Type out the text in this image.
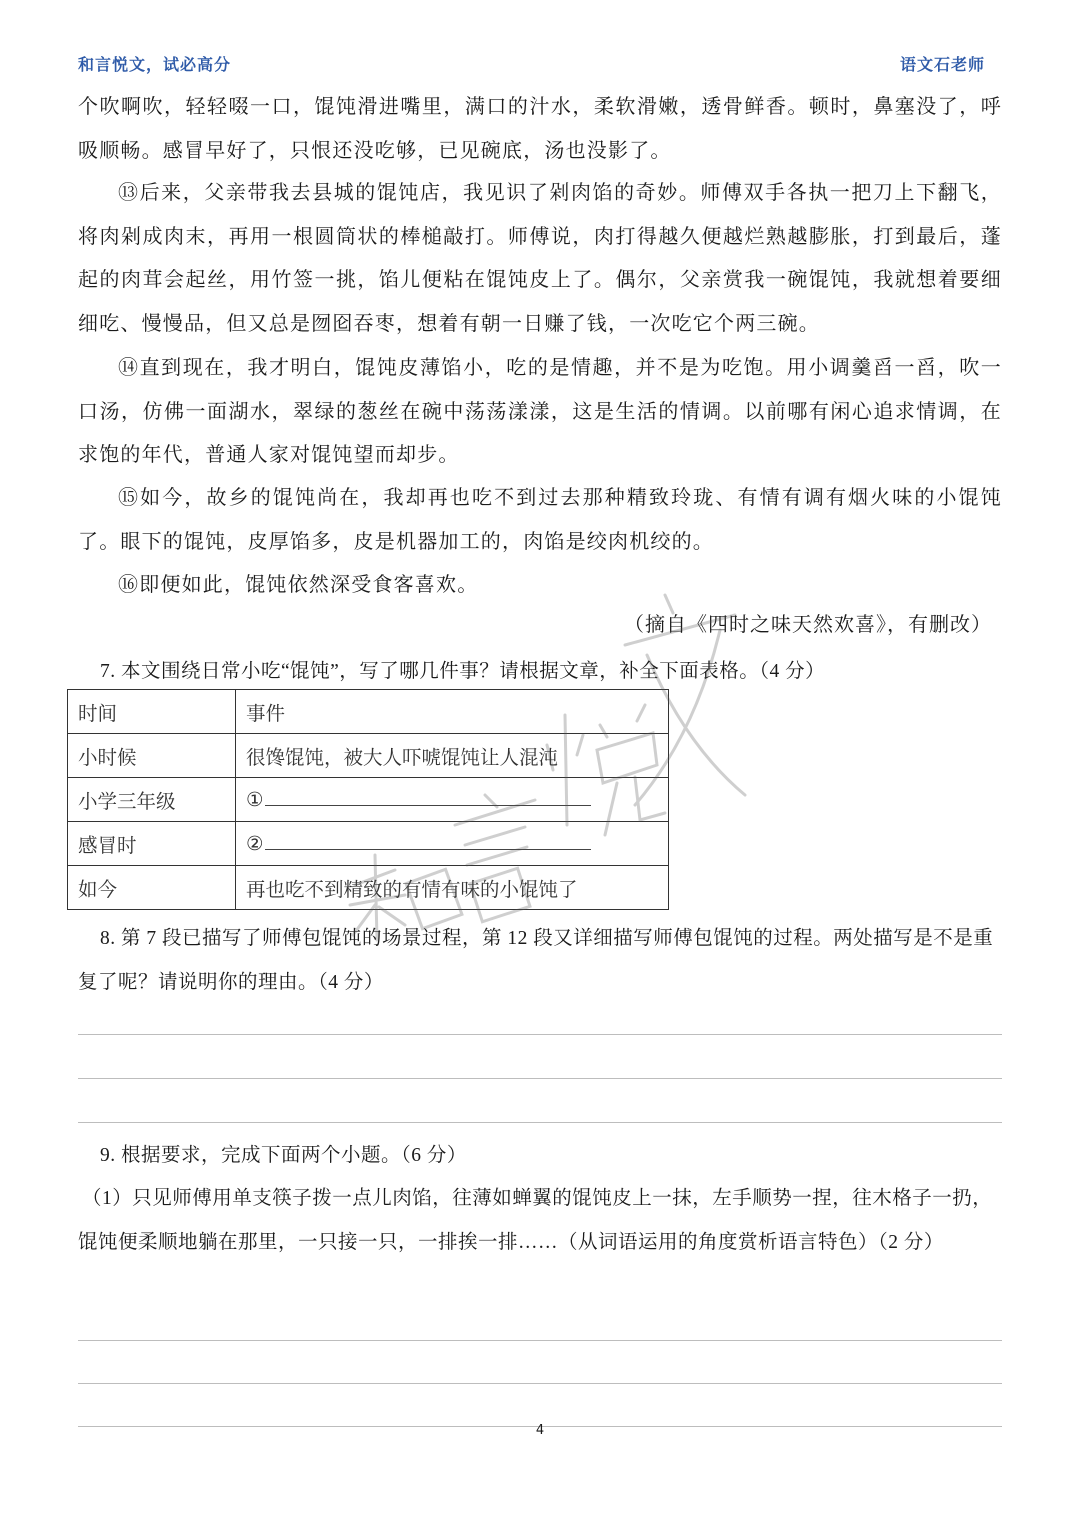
和言悦文，试必高分	语文石老师

个吹啊吹，轻轻啜一口，馄饨滑进嘴里，满口的汁水，柔软滑嫩，透骨鲜香。顿时，鼻塞没了，呼吸顺畅。感冒早好了，只恨还没吃够，已见碗底，汤也没影了。

⑬后来，父亲带我去县城的馄饨店，我见识了剁肉馅的奇妙。师傅双手各执一把刀上下翻飞，将肉剁成肉末，再用一根圆筒状的棒槌敲打。师傅说，肉打得越久便越烂熟越膨胀，打到最后，蓬起的肉茸会起丝，用竹签一挑，馅儿便粘在馄饨皮上了。偶尔，父亲赏我一碗馄饨，我就想着要细细吃、慢慢品，但又总是囫囵吞枣，想着有朝一日赚了钱，一次吃它个两三碗。

⑭直到现在，我才明白，馄饨皮薄馅小，吃的是情趣，并不是为吃饱。用小调羹舀一舀，吹一口汤，仿佛一面湖水，翠绿的葱丝在碗中荡荡漾漾，这是生活的情调。以前哪有闲心追求情调，在求饱的年代，普通人家对馄饨望而却步。

⑮如今，故乡的馄饨尚在，我却再也吃不到过去那种精致玲珑、有情有调有烟火味的小馄饨了。眼下的馄饨，皮厚馅多，皮是机器加工的，肉馅是绞肉机绞的。

⑯即便如此，馄饨依然深受食客喜欢。

（摘自《四时之味天然欢喜》，有删改）

7. 本文围绕日常小吃“馄饨”，写了哪几件事？请根据文章，补全下面表格。（4 分）

时间	事件
小时候	很馋馄饨，被大人吓唬馄饨让人混沌
小学三年级	①
感冒时	②
如今	再也吃不到精致的有情有味的小馄饨了

8. 第 7 段已描写了师傅包馄饨的场景过程，第 12 段又详细描写师傅包馄饨的过程。两处描写是不是重复了呢？请说明你的理由。（4 分）

9. 根据要求，完成下面两个小题。（6 分）

（1）只见师傅用单支筷子拨一点儿肉馅，往薄如蝉翼的馄饨皮上一抹，左手顺势一捏，往木格子一扔，馄饨便柔顺地躺在那里，一只接一只，一排挨一排……（从词语运用的角度赏析语言特色）（2 分）

4
